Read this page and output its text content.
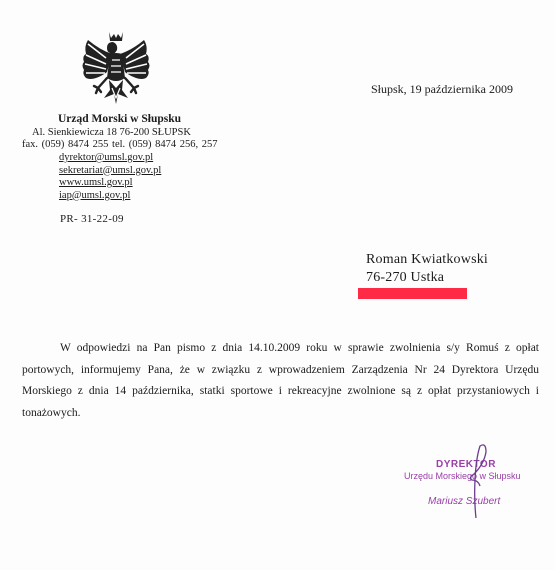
Urząd Morski w Słupsku
Al. Sienkiewicza 18 76-200 SŁUPSK
fax. (059) 8474 255 tel. (059) 8474 256, 257
dyrektor@umsl.gov.pl
sekretariat@umsl.gov.pl
www.umsl.gov.pl
iap@umsl.gov.pl
PR- 31-22-09
Słupsk, 19 października 2009
Roman Kwiatkowski
76-270 Ustka

W odpowiedzi na Pan pismo z dnia 14.10.2009 roku w sprawie zwolnienia s/y Romuś z opłat portowych, informujemy Pana, że w związku z wprowadzeniem Zarządzenia Nr 24 Dyrektora Urzędu Morskiego z dnia 14 października, statki sportowe i rekreacyjne zwolnione są z opłat przystaniowych i tonażowych.

DYREKTOR
Urzędu Morskiego w Słupsku
Mariusz Szubert
